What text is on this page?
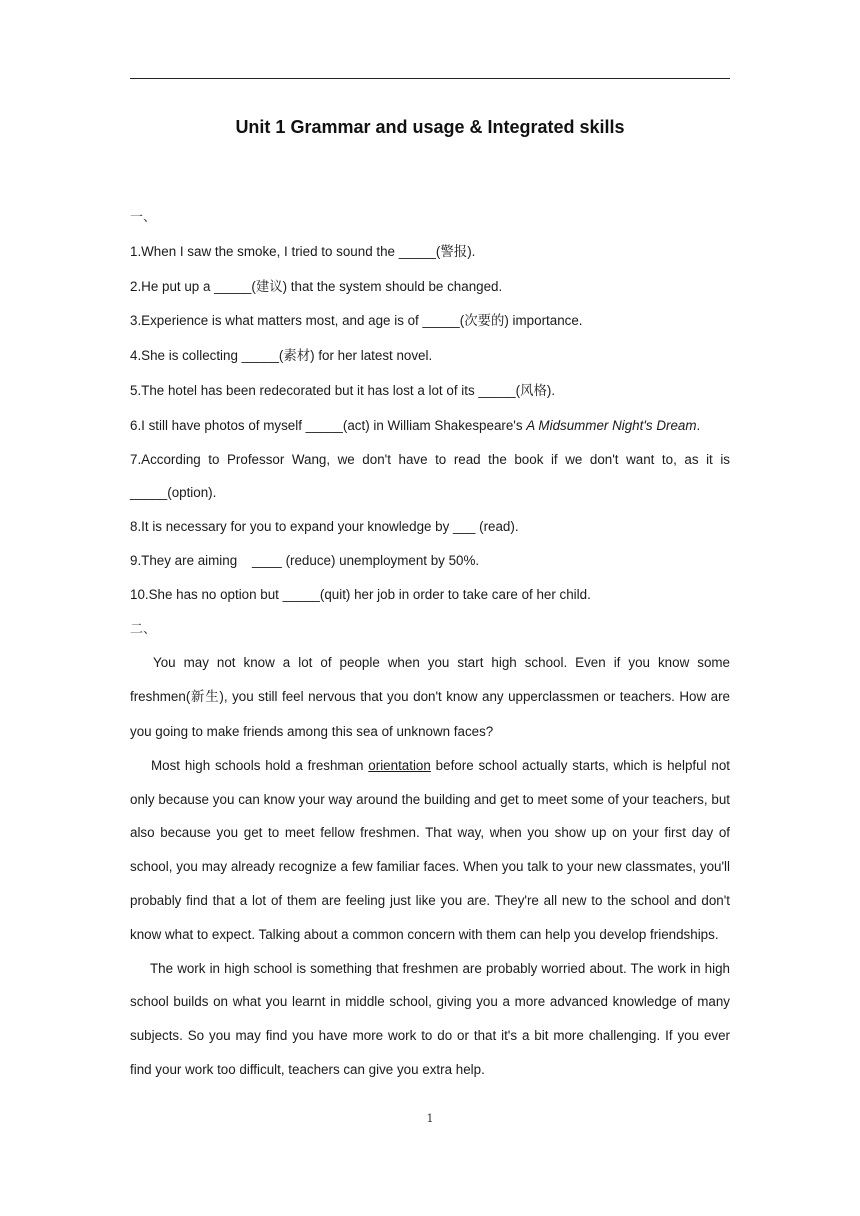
Unit 1 Grammar and usage & Integrated skills

一、

1.When I saw the smoke, I tried to sound the _____(警报).

2.He put up a _____(建议) that the system should be changed.

3.Experience is what matters most, and age is of _____(次要的) importance.

4.She is collecting _____(素材) for her latest novel.

5.The hotel has been redecorated but it has lost a lot of its _____(风格).

6.I still have photos of myself _____(act) in William Shakespeare's A Midsummer Night's Dream.

7.According to Professor Wang, we don't have to read the book if we don't want to, as it is _____(option).

8.It is necessary for you to expand your knowledge by ___ (read).

9.They are aiming    ____ (reduce) unemployment by 50%.

10.She has no option but _____(quit) her job in order to take care of her child.

二、

You may not know a lot of people when you start high school. Even if you know some freshmen(新生), you still feel nervous that you don't know any upperclassmen or teachers. How are you going to make friends among this sea of unknown faces?

Most high schools hold a freshman orientation before school actually starts, which is helpful not only because you can know your way around the building and get to meet some of your teachers, but also because you get to meet fellow freshmen. That way, when you show up on your first day of school, you may already recognize a few familiar faces. When you talk to your new classmates, you'll probably find that a lot of them are feeling just like you are. They're all new to the school and don't know what to expect. Talking about a common concern with them can help you develop friendships.

The work in high school is something that freshmen are probably worried about. The work in high school builds on what you learnt in middle school, giving you a more advanced knowledge of many subjects. So you may find you have more work to do or that it's a bit more challenging. If you ever find your work too difficult, teachers can give you extra help.

1
